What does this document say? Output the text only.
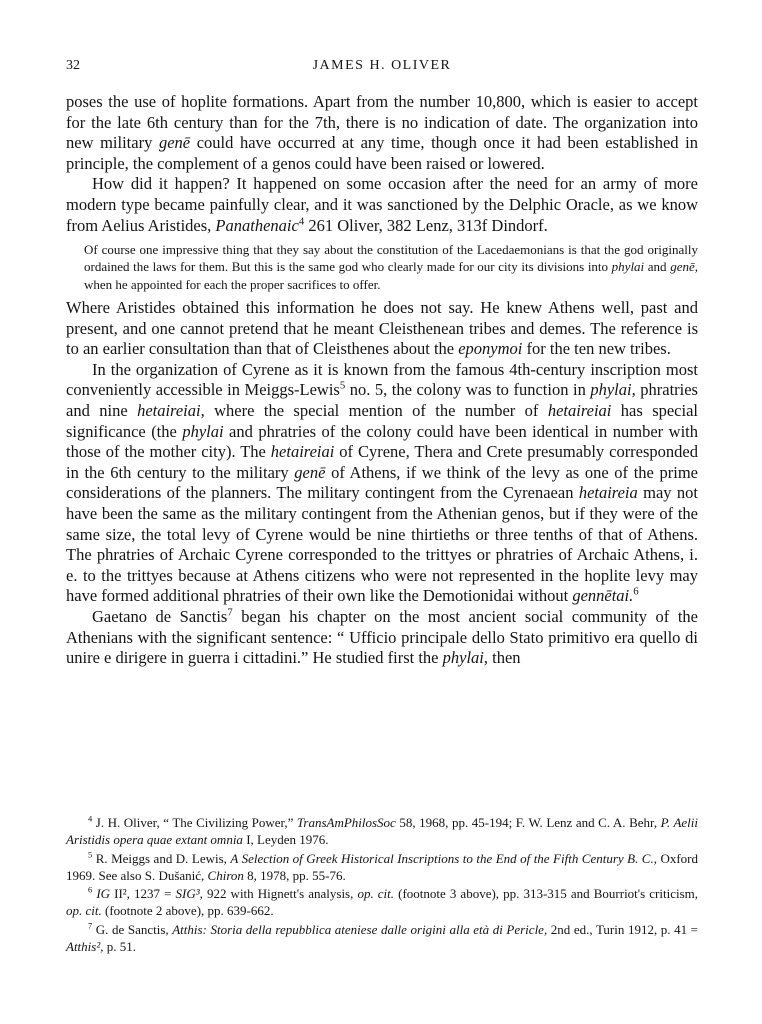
32	JAMES H. OLIVER

poses the use of hoplite formations. Apart from the number 10,800, which is easier to accept for the late 6th century than for the 7th, there is no indication of date. The organization into new military genē could have occurred at any time, though once it had been established in principle, the complement of a genos could have been raised or lowered.

How did it happen? It happened on some occasion after the need for an army of more modern type became painfully clear, and it was sanctioned by the Delphic Oracle, as we know from Aelius Aristides, Panathenaic$^4$ 261 Oliver, 382 Lenz, 313f Dindorf.

Of course one impressive thing that they say about the constitution of the Lacedaemonians is that the god originally ordained the laws for them. But this is the same god who clearly made for our city its divisions into phylai and genē, when he appointed for each the proper sacrifices to offer.

Where Aristides obtained this information he does not say. He knew Athens well, past and present, and one cannot pretend that he meant Cleisthenean tribes and demes. The reference is to an earlier consultation than that of Cleisthenes about the eponymoi for the ten new tribes.

In the organization of Cyrene as it is known from the famous 4th-century inscription most conveniently accessible in Meiggs-Lewis$^5$ no. 5, the colony was to function in phylai, phratries and nine hetaireiai, where the special mention of the number of hetaireiai has special significance (the phylai and phratries of the colony could have been identical in number with those of the mother city). The hetaireiai of Cyrene, Thera and Crete presumably corresponded in the 6th century to the military genē of Athens, if we think of the levy as one of the prime considerations of the planners. The military contingent from the Cyrenaean hetaireia may not have been the same as the military contingent from the Athenian genos, but if they were of the same size, the total levy of Cyrene would be nine thirtieths or three tenths of that of Athens. The phratries of Archaic Cyrene corresponded to the trittyes or phratries of Archaic Athens, i. e. to the trittyes because at Athens citizens who were not represented in the hoplite levy may have formed additional phratries of their own like the Demotionidai without gennētai.$^6$

Gaetano de Sanctis$^7$ began his chapter on the most ancient social community of the Athenians with the significant sentence: “ Ufficio principale dello Stato primitivo era quello di unire e dirigere in guerra i cittadini.” He studied first the phylai, then

$^4$ J. H. Oliver, “ The Civilizing Power,” TransAmPhilosSoc 58, 1968, pp. 45-194; F. W. Lenz and C. A. Behr, P. Aelii Aristidis opera quae extant omnia I, Leyden 1976.

$^5$ R. Meiggs and D. Lewis, A Selection of Greek Historical Inscriptions to the End of the Fifth Century B. C., Oxford 1969. See also S. Dušanić, Chiron 8, 1978, pp. 55-76.

$^6$ IG II², 1237 = SIG³, 922 with Hignett's analysis, op. cit. (footnote 3 above), pp. 313-315 and Bourriot's criticism, op. cit. (footnote 2 above), pp. 639-662.

$^7$ G. de Sanctis, Atthis: Storia della repubblica ateniese dalle origini alla età di Pericle, 2nd ed., Turin 1912, p. 41 = Atthis², p. 51.
